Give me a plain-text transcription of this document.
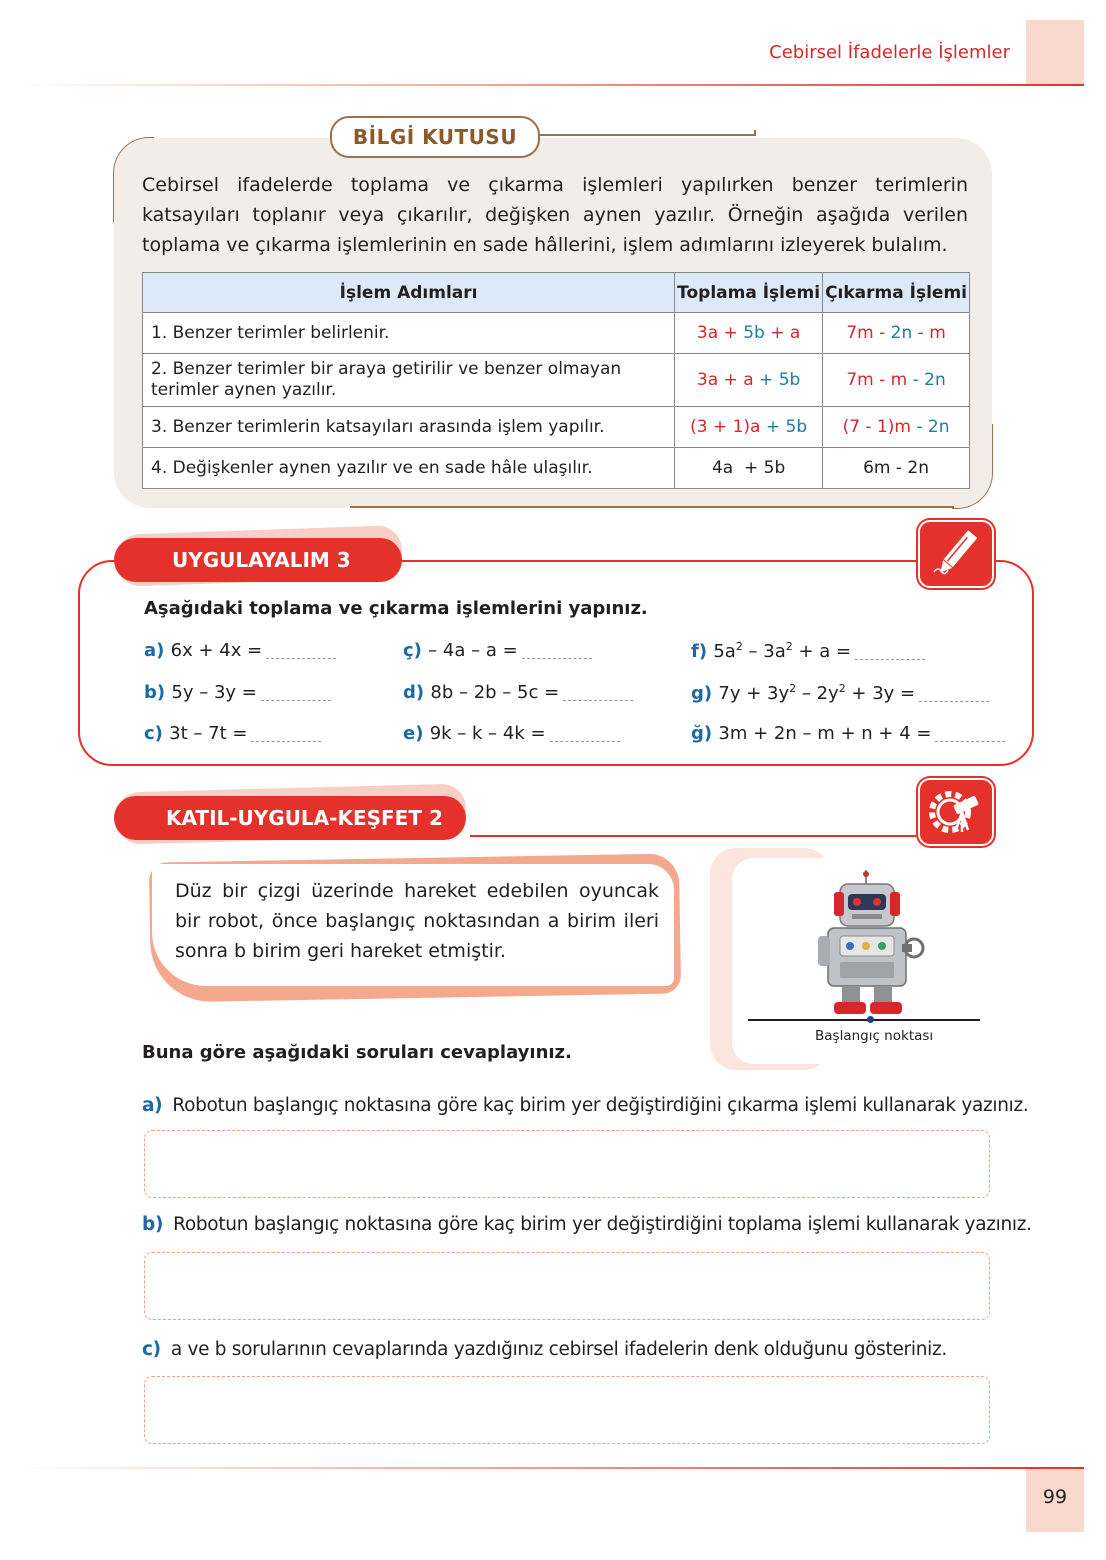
Cebirsel İfadelerle İşlemler
BİLGİ KUTUSU
Cebirsel ifadelerde toplama ve çıkarma işlemleri yapılırken benzer terimlerin katsayıları toplanır veya çıkarılır, değişken aynen yazılır. Örneğin aşağıda verilen toplama ve çıkarma işlemlerinin en sade hâllerini, işlem adımlarını izleyerek bulalım.
İşlem Adımları	Toplama İşlemi	Çıkarma İşlemi
1. Benzer terimler belirlenir.	3a + 5b + a	7m - 2n - m
2. Benzer terimler bir araya getirilir ve benzer olmayan terimler aynen yazılır.	3a + a + 5b	7m - m - 2n
3. Benzer terimlerin katsayıları arasında işlem yapılır.	(3 + 1)a + 5b	(7 - 1)m - 2n
4. Değişkenler aynen yazılır ve en sade hâle ulaşılır.	4a  + 5b	6m - 2n
UYGULAYALIM 3
Aşağıdaki toplama ve çıkarma işlemlerini yapınız.
a) 6x + 4x =
b) 5y – 3y =
c) 3t – 7t =
ç) – 4a – a =
d) 8b – 2b – 5c =
e) 9k – k – 4k =
f) $5a^2 - 3a^2 + a$ =
g) $7y + 3y^2 - 2y^2 + 3y$ =
ğ) 3m + 2n – m + n + 4 =
KATIL-UYGULA-KEŞFET 2
Düz bir çizgi üzerinde hareket edebilen oyuncak bir robot, önce başlangıç noktasından a birim ileri sonra b birim geri hareket etmiştir.
Başlangıç noktası
Buna göre aşağıdaki soruları cevaplayınız.
a) Robotun başlangıç noktasına göre kaç birim yer değiştirdiğini çıkarma işlemi kullanarak yazınız.
b) Robotun başlangıç noktasına göre kaç birim yer değiştirdiğini toplama işlemi kullanarak yazınız.
c) a ve b sorularının cevaplarında yazdığınız cebirsel ifadelerin denk olduğunu gösteriniz.
99
